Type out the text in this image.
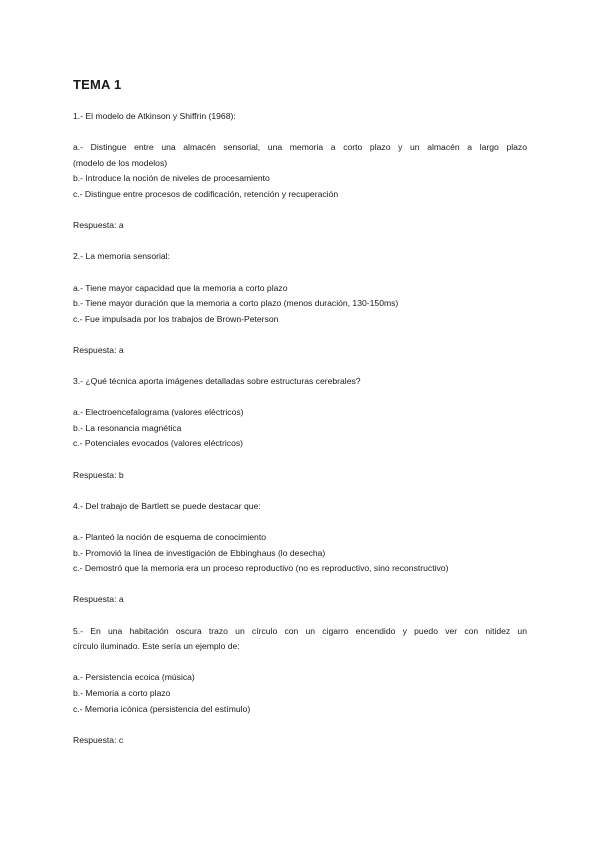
TEMA 1
1.- El modelo de Atkinson y Shiffrin (1968):
a.- Distingue entre una almacén sensorial, una memoria a corto plazo y un almacén a largo plazo
(modelo de los modelos)
b.- Introduce la noción de niveles de procesamiento
c.- Distingue entre procesos de codificación, retención y recuperación
Respuesta: a
2.- La memoria sensorial:
a.- Tiene mayor capacidad que la memoria a corto plazo
b.- Tiene mayor duración que la memoria a corto plazo (menos duración, 130-150ms)
c.- Fue impulsada por los trabajos de Brown-Peterson
Respuesta: a
3.- ¿Qué técnica aporta imágenes detalladas sobre estructuras cerebrales?
a.- Electroencefalograma (valores eléctricos)
b.- La resonancia magnética
c.- Potenciales evocados (valores eléctricos)
Respuesta: b
4.- Del trabajo de Bartlett se puede destacar que:
a.- Planteó la noción de esquema de conocimiento
b.- Promovió la línea de investigación de Ebbinghaus (lo desecha)
c.- Demostró que la memoria era un proceso reproductivo (no es reproductivo, sino reconstructivo)
Respuesta: a
5.- En una habitación oscura trazo un círculo con un cigarro encendido y puedo ver con nitidez un
círculo iluminado. Este sería un ejemplo de:
a.- Persistencia ecoica (música)
b.- Memoria a corto plazo
c.- Memoria icónica (persistencia del estímulo)
Respuesta: c
